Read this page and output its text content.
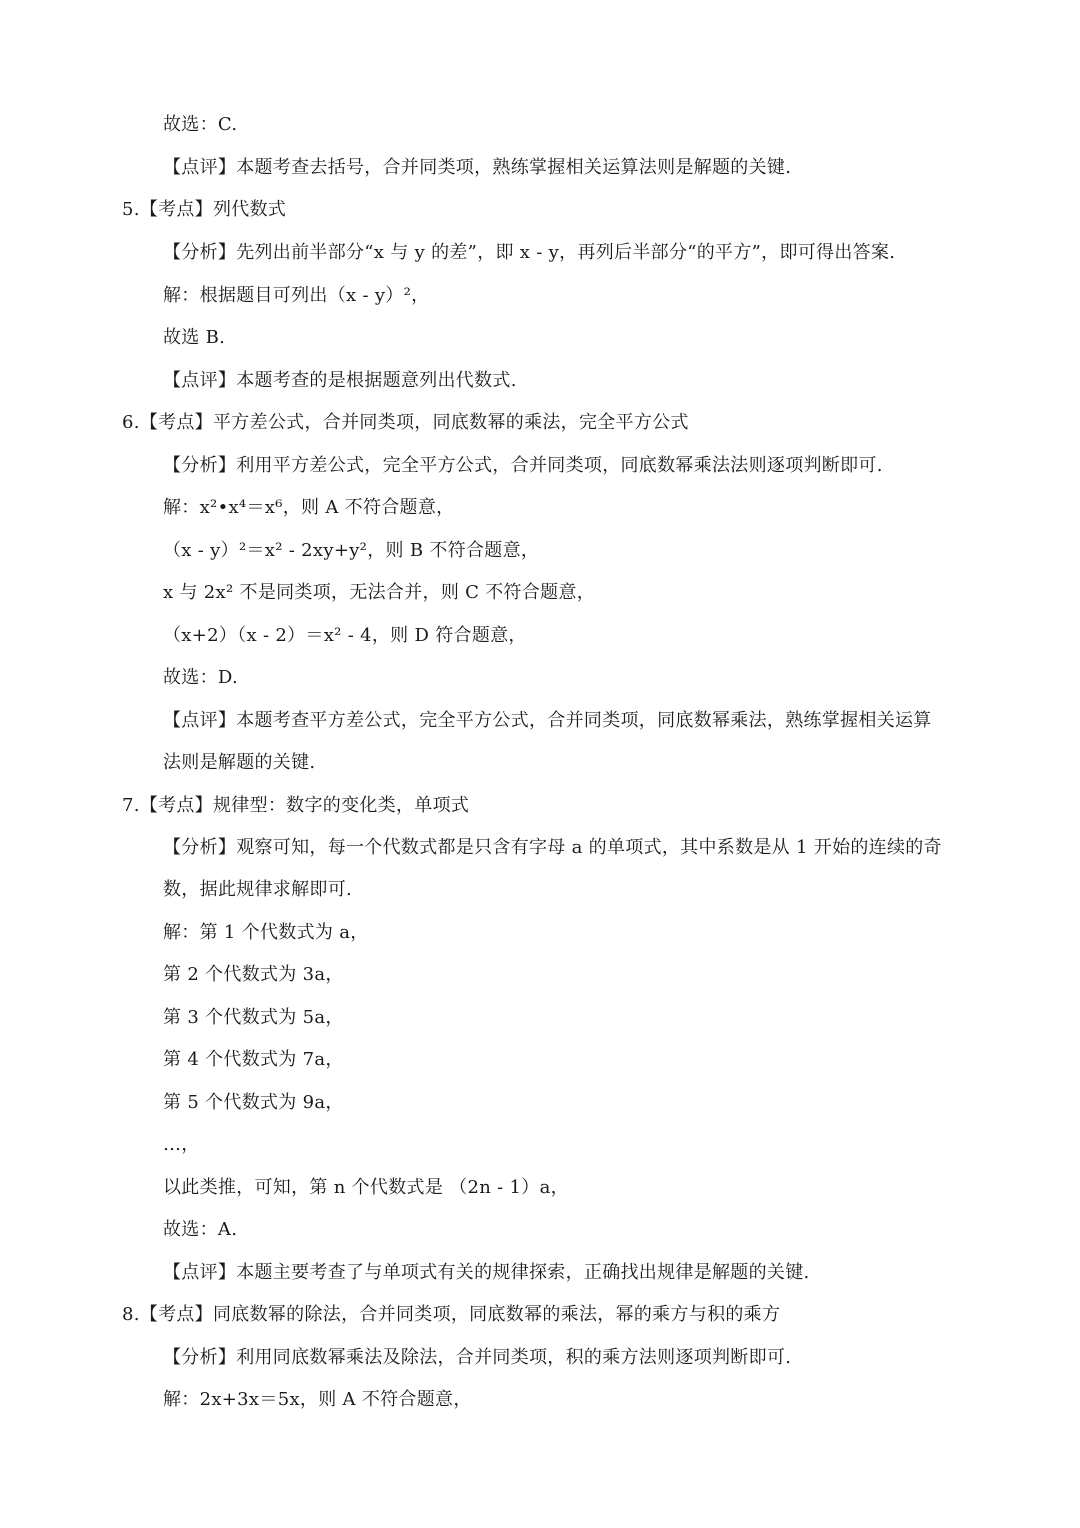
故选：C.
【点评】本题考查去括号，合并同类项，熟练掌握相关运算法则是解题的关键.
5.【考点】列代数式
【分析】先列出前半部分“x 与 y 的差”，即 x - y，再列后半部分“的平方”，即可得出答案.
解：根据题目可列出（x - y）²，
故选 B.
【点评】本题考查的是根据题意列出代数式.
6.【考点】平方差公式，合并同类项，同底数幂的乘法，完全平方公式
【分析】利用平方差公式，完全平方公式，合并同类项，同底数幂乘法法则逐项判断即可.
解：x²•x⁴＝x⁶，则 A 不符合题意，
（x - y）²＝x² - 2xy+y²，则 B 不符合题意，
x 与 2x² 不是同类项，无法合并，则 C 不符合题意，
（x+2）（x - 2）＝x² - 4，则 D 符合题意，
故选：D.
【点评】本题考查平方差公式，完全平方公式，合并同类项，同底数幂乘法，熟练掌握相关运算
法则是解题的关键.
7.【考点】规律型：数字的变化类，单项式
【分析】观察可知，每一个代数式都是只含有字母 a 的单项式，其中系数是从 1 开始的连续的奇
数，据此规律求解即可.
解：第 1 个代数式为 a，
第 2 个代数式为 3a，
第 3 个代数式为 5a，
第 4 个代数式为 7a，
第 5 个代数式为 9a，
…，
以此类推，可知，第 n 个代数式是 （2n - 1）a，
故选：A.
【点评】本题主要考查了与单项式有关的规律探索，正确找出规律是解题的关键.
8.【考点】同底数幂的除法，合并同类项，同底数幂的乘法，幂的乘方与积的乘方
【分析】利用同底数幂乘法及除法，合并同类项，积的乘方法则逐项判断即可.
解：2x+3x＝5x，则 A 不符合题意，
